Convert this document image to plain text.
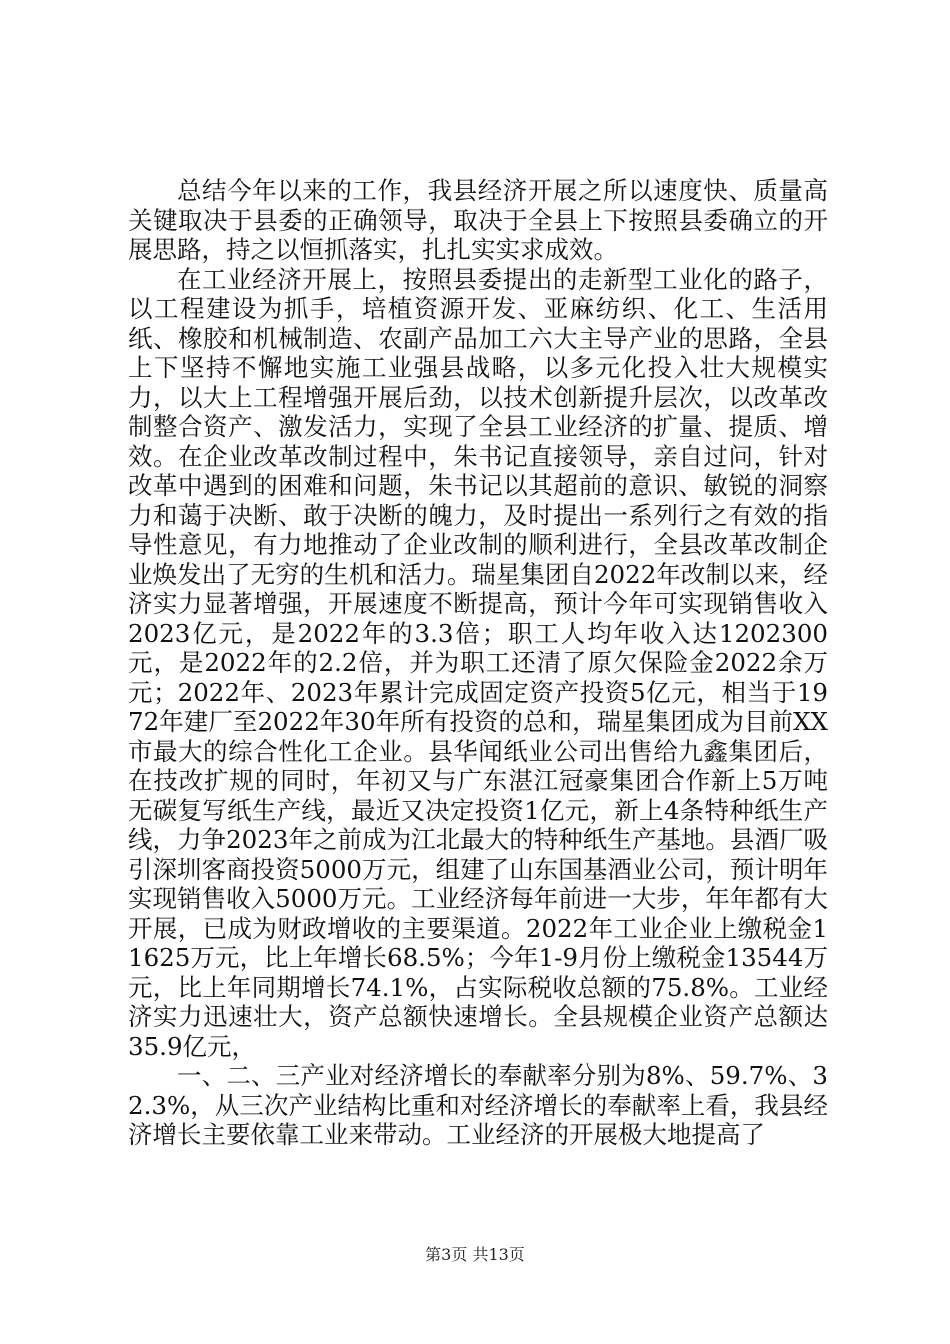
总结今年以来的工作，我县经济开展之所以速度快、质量高关键取决于县委的正确领导，取决于全县上下按照县委确立的开展思路，持之以恒抓落实，扎扎实实求成效。

在工业经济开展上，按照县委提出的走新型工业化的路子，以工程建设为抓手，培植资源开发、亚麻纺织、化工、生活用纸、橡胶和机械制造、农副产品加工六大主导产业的思路，全县上下坚持不懈地实施工业强县战略，以多元化投入壮大规模实力，以大上工程增强开展后劲，以技术创新提升层次，以改革改制整合资产、激发活力，实现了全县工业经济的扩量、提质、增效。在企业改革改制过程中，朱书记直接领导，亲自过问，针对改革中遇到的困难和问题，朱书记以其超前的意识、敏锐的洞察力和蔼于决断、敢于决断的魄力，及时提出一系列行之有效的指导性意见，有力地推动了企业改制的顺利进行，全县改革改制企业焕发出了无穷的生机和活力。瑞星集团自2022年改制以来，经济实力显著增强，开展速度不断提高，预计今年可实现销售收入2023亿元，是2022年的3.3倍；职工人均年收入达1202300元，是2022年的2.2倍，并为职工还清了原欠保险金2022余万元；2022年、2023年累计完成固定资产投资5亿元，相当于1972年建厂至2022年30年所有投资的总和，瑞星集团成为目前XX市最大的综合性化工企业。县华闻纸业公司出售给九鑫集团后，在技改扩规的同时，年初又与广东湛江冠豪集团合作新上5万吨无碳复写纸生产线，最近又决定投资1亿元，新上4条特种纸生产线，力争2023年之前成为江北最大的特种纸生产基地。县酒厂吸引深圳客商投资5000万元，组建了山东国基酒业公司，预计明年实现销售收入5000万元。工业经济每年前进一大步，年年都有大开展，已成为财政增收的主要渠道。2022年工业企业上缴税金11625万元，比上年增长68.5%；今年1-9月份上缴税金13544万元，比上年同期增长74.1%，占实际税收总额的75.8%。工业经济实力迅速壮大，资产总额快速增长。全县规模企业资产总额达35.9亿元，

一、二、三产业对经济增长的奉献率分别为8%、59.7%、32.3%，从三次产业结构比重和对经济增长的奉献率上看，我县经济增长主要依靠工业来带动。工业经济的开展极大地提高了

第3页 共13页
